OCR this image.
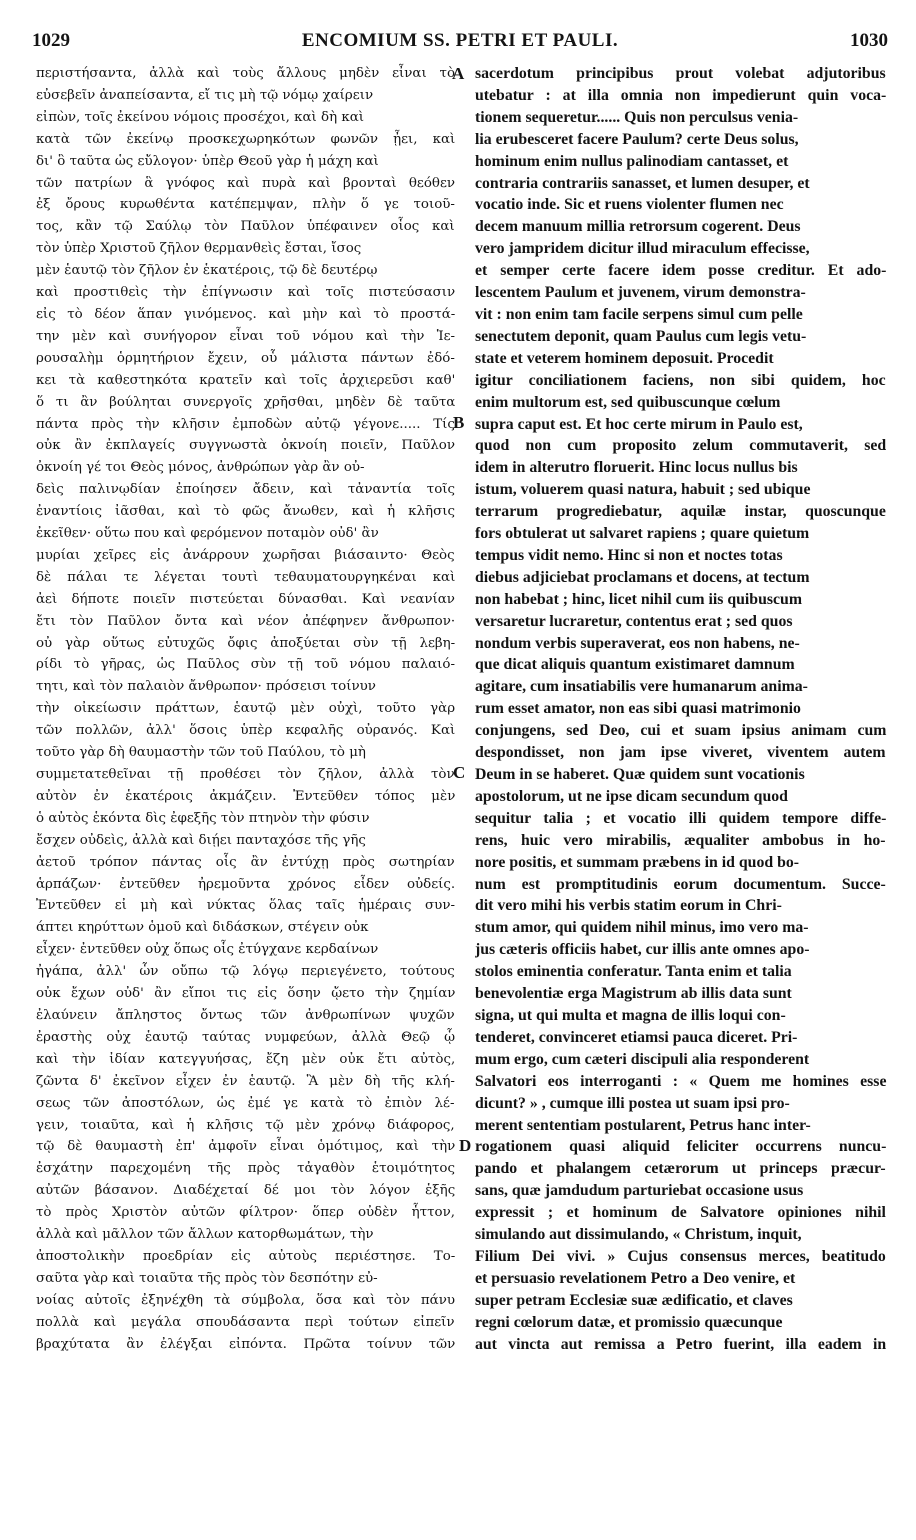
1029	ENCOMIUM SS. PETRI ET PAULI.	1030
περιστήσαντα, ἀλλὰ καὶ τοὺς ἄλλους μηδὲν εἶναι τὸ
εὐσεβεῖν ἀναπείσαντα, εἴ τις μὴ τῷ νόμῳ χαίρειν
εἰπὼν, τοῖς ἐκείνου νόμοις προσέχοι, καὶ δὴ καὶ
κατὰ τῶν ἐκείνῳ προσκεχωρηκότων φωνῶν ᾖει, καὶ
δι' ὃ ταῦτα ὡς εὔλογον· ὑπὲρ Θεοῦ γὰρ ἡ μάχη καὶ
τῶν πατρίων ἃ γνόφος καὶ πυρὰ καὶ βρονταὶ θεόθεν
ἐξ ὄρους κυρωθέντα κατέπεμψαν, πλὴν ὅ γε τοιοῦ-
τος, κἂν τῷ Σαύλῳ τὸν Παῦλον ὑπέφαινεν οἷος καὶ
τὸν ὑπὲρ Χριστοῦ ζῆλον θερμανθεὶς ἔσται, ἴσος
μὲν ἑαυτῷ τὸν ζῆλον ἐν ἑκατέροις, τῷ δὲ δευτέρῳ
καὶ προστιθεὶς τὴν ἐπίγνωσιν καὶ τοῖς πιστεύσασιν
εἰς τὸ δέον ἅπαν γινόμενος. καὶ μὴν καὶ τὸ προστά-
την μὲν καὶ συνήγορον εἶναι τοῦ νόμου καὶ τὴν Ἱε-
ρουσαλὴμ ὁρμητήριον ἔχειν, οὗ μάλιστα πάντων ἐδό-
κει τὰ καθεστηκότα κρατεῖν καὶ τοῖς ἀρχιερεῦσι καθ'
ὅ τι ἂν βούληται συνεργοῖς χρῆσθαι, μηδὲν δὲ ταῦτα
πάντα πρὸς τὴν κλῆσιν ἐμποδὼν αὐτῷ γέγονε..... Τίς
οὐκ ἂν ἐκπλαγείς συγγνωστὰ ὀκνοίη ποιεῖν, Παῦλον
ὀκνοίη γέ τοι Θεὸς μόνος, ἀνθρώπων γὰρ ἂν οὐ-
δεὶς παλινῳδίαν ἐποίησεν ἄδειν, καὶ τἀναντία τοῖς
ἐναντίοις ἰᾶσθαι, καὶ τὸ φῶς ἄνωθεν, καὶ ἡ κλῆσις
ἐκεῖθεν· οὕτω που καὶ φερόμενον ποταμὸν οὐδ' ἂν
μυρίαι χεῖρες εἰς ἀνάρρουν χωρῆσαι βιάσαιντο· Θεὸς
δὲ πάλαι τε λέγεται τουτὶ τεθαυματουργηκέναι καὶ
ἀεὶ δήποτε ποιεῖν πιστεύεται δύνασθαι. Καὶ νεανίαν
ἔτι τὸν Παῦλον ὄντα καὶ νέον ἀπέφηνεν ἄνθρωπον·
οὐ γὰρ οὕτως εὐτυχῶς ὄφις ἀποξύεται σὺν τῇ λεβη-
ρίδι τὸ γῆρας, ὡς Παῦλος σὺν τῇ τοῦ νόμου παλαιό-
τητι, καὶ τὸν παλαιὸν ἄνθρωπον· πρόσεισι τοίνυν
τὴν οἰκείωσιν πράττων, ἑαυτῷ μὲν οὐχὶ, τοῦτο γὰρ
τῶν πολλῶν, ἀλλ' ὅσοις ὑπὲρ κεφαλῆς οὐρανός. Καὶ
τοῦτο γὰρ δὴ θαυμαστὴν τῶν τοῦ Παύλου, τὸ μὴ
συμμετατεθεῖναι τῇ προθέσει τὸν ζῆλον, ἀλλὰ τὸν
αὐτὸν ἐν ἑκατέροις ἀκμάζειν. Ἐντεῦθεν τόπος μὲν
ὁ αὐτὸς ἑκόντα δὶς ἐφεξῆς τὸν πτηνὸν τὴν φύσιν
ἔσχεν οὐδεὶς, ἀλλὰ καὶ διῄει πανταχόσε τῆς γῆς
ἀετοῦ τρόπον πάντας οἷς ἂν ἐντύχῃ πρὸς σωτηρίαν
ἁρπάζων· ἐντεῦθεν ἠρεμοῦντα χρόνος εἶδεν οὐδείς.
Ἐντεῦθεν εἰ μὴ καὶ νύκτας ὅλας ταῖς ἡμέραις συν-
άπτει κηρύττων ὁμοῦ καὶ διδάσκων, στέγειν οὐκ
εἶχεν· ἐντεῦθεν οὐχ ὅπως οἷς ἐτύγχανε κερδαίνων
ἠγάπα, ἀλλ' ὧν οὔπω τῷ λόγῳ περιεγένετο, τούτους
οὐκ ἔχων οὐδ' ἂν εἴποι τις εἰς ὅσην ᾤετο τὴν ζημίαν
ἐλαύνειν ἄπληστος ὄντως τῶν ἀνθρωπίνων ψυχῶν
ἐραστὴς οὐχ ἑαυτῷ ταύτας νυμφεύων, ἀλλὰ Θεῷ ᾧ
καὶ τὴν ἰδίαν κατεγγυήσας, ἔζη μὲν οὐκ ἔτι αὐτὸς,
ζῶντα δ' ἐκεῖνον εἶχεν ἐν ἑαυτῷ. Ἃ μὲν δὴ τῆς κλή-
σεως τῶν ἀποστόλων, ὡς ἐμέ γε κατὰ τὸ ἐπιὸν λέ-
γειν, τοιαῦτα, καὶ ἡ κλῆσις τῷ μὲν χρόνῳ διάφορος,
τῷ δὲ θαυμαστὴ ἐπ' ἀμφοῖν εἶναι ὁμότιμος, καὶ τὴν
ἐσχάτην παρεχομένη τῆς πρὸς τἀγαθὸν ἑτοιμότητος
αὐτῶν βάσανον. Διαδέχεταί δέ μοι τὸν λόγον ἑξῆς
τὸ πρὸς Χριστὸν αὐτῶν φίλτρον· ὅπερ οὐδὲν ἧττον,
ἀλλὰ καὶ μᾶλλον τῶν ἄλλων κατορθωμάτων, τὴν
ἀποστολικὴν προεδρίαν εἰς αὐτοὺς περιέστησε. Το-
σαῦτα γὰρ καὶ τοιαῦτα τῆς πρὸς τὸν δεσπότην εὐ-
νοίας αὐτοῖς ἐξηνέχθη τὰ σύμβολα, ὅσα καὶ τὸν πάνυ
πολλὰ καὶ μεγάλα σπουδάσαντα περὶ τούτων εἰπεῖν
βραχύτατα ἂν ἐλέγξαι εἰπόντα. Πρῶτα τοίνυν τῶν
sacerdotum principibus prout volebat adjutoribus
utebatur : at illa omnia non impedierunt quin voca-
tionem sequeretur...... Quis non perculsus venia-
lia erubesceret facere Paulum? certe Deus solus,
hominum enim nullus palinodiam cantasset, et
contraria contrariis sanasset, et lumen desuper, et
vocatio inde. Sic et ruens violenter flumen nec
decem manuum millia retrorsum cogerent. Deus
vero jampridem dicitur illud miraculum effecisse,
et semper certe facere idem posse creditur. Et ado-
lescentem Paulum et juvenem, virum demonstra-
vit : non enim tam facile serpens simul cum pelle
senectutem deponit, quam Paulus cum legis vetu-
state et veterem hominem deposuit. Procedit
igitur conciliationem faciens, non sibi quidem, hoc
enim multorum est, sed quibuscunque cœlum
supra caput est. Et hoc certe mirum in Paulo est,
quod non cum proposito zelum commutaverit, sed
idem in alterutro floruerit. Hinc locus nullus bis
istum, voluerem quasi natura, habuit ; sed ubique
terrarum progrediebatur, aquilæ instar, quoscunque
fors obtulerat ut salvaret rapiens ; quare quietum
tempus vidit nemo. Hinc si non et noctes totas
diebus adjiciebat proclamans et docens, at tectum
non habebat ; hinc, licet nihil cum iis quibuscum
versaretur lucraretur, contentus erat ; sed quos
nondum verbis superaverat, eos non habens, ne-
que dicat aliquis quantum existimaret damnum
agitare, cum insatiabilis vere humanarum anima-
rum esset amator, non eas sibi quasi matrimonio
conjungens, sed Deo, cui et suam ipsius animam cum
despondisset, non jam ipse viveret, viventem autem
Deum in se haberet. Quæ quidem sunt vocationis
apostolorum, ut ne ipse dicam secundum quod
sequitur talia ; et vocatio illi quidem tempore diffe-
rens, huic vero mirabilis, æqualiter ambobus in ho-
nore positis, et summam præbens in id quod bo-
num est promptitudinis eorum documentum. Succe-
dit vero mihi his verbis statim eorum in Chri-
stum amor, qui quidem nihil minus, imo vero ma-
jus cæteris officiis habet, cur illis ante omnes apo-
stolos eminentia conferatur. Tanta enim et talia
benevolentiæ erga Magistrum ab illis data sunt
signa, ut qui multa et magna de illis loqui con-
tenderet, convinceret etiamsi pauca diceret. Pri-
mum ergo, cum cæteri discipuli alia responderent
Salvatori eos interroganti : « Quem me homines esse
dicunt? » , cumque illi postea ut suam ipsi pro-
merent sententiam postularent, Petrus hanc inter-
rogationem quasi aliquid feliciter occurrens nuncu-
pando et phalangem cetærorum ut princeps præcur-
sans, quæ jamdudum parturiebat occasione usus
expressit ; et hominum de Salvatore opiniones nihil
simulando aut dissimulando, « Christum, inquit,
Filium Dei vivi. » Cujus consensus merces, beatitudo
et persuasio revelationem Petro a Deo venire, et
super petram Ecclesiæ suæ ædificatio, et claves
regni cœlorum datæ, et promissio quæcunque
aut vincta aut remissa a Petro fuerint, illa eadem in
A
B
C
D
